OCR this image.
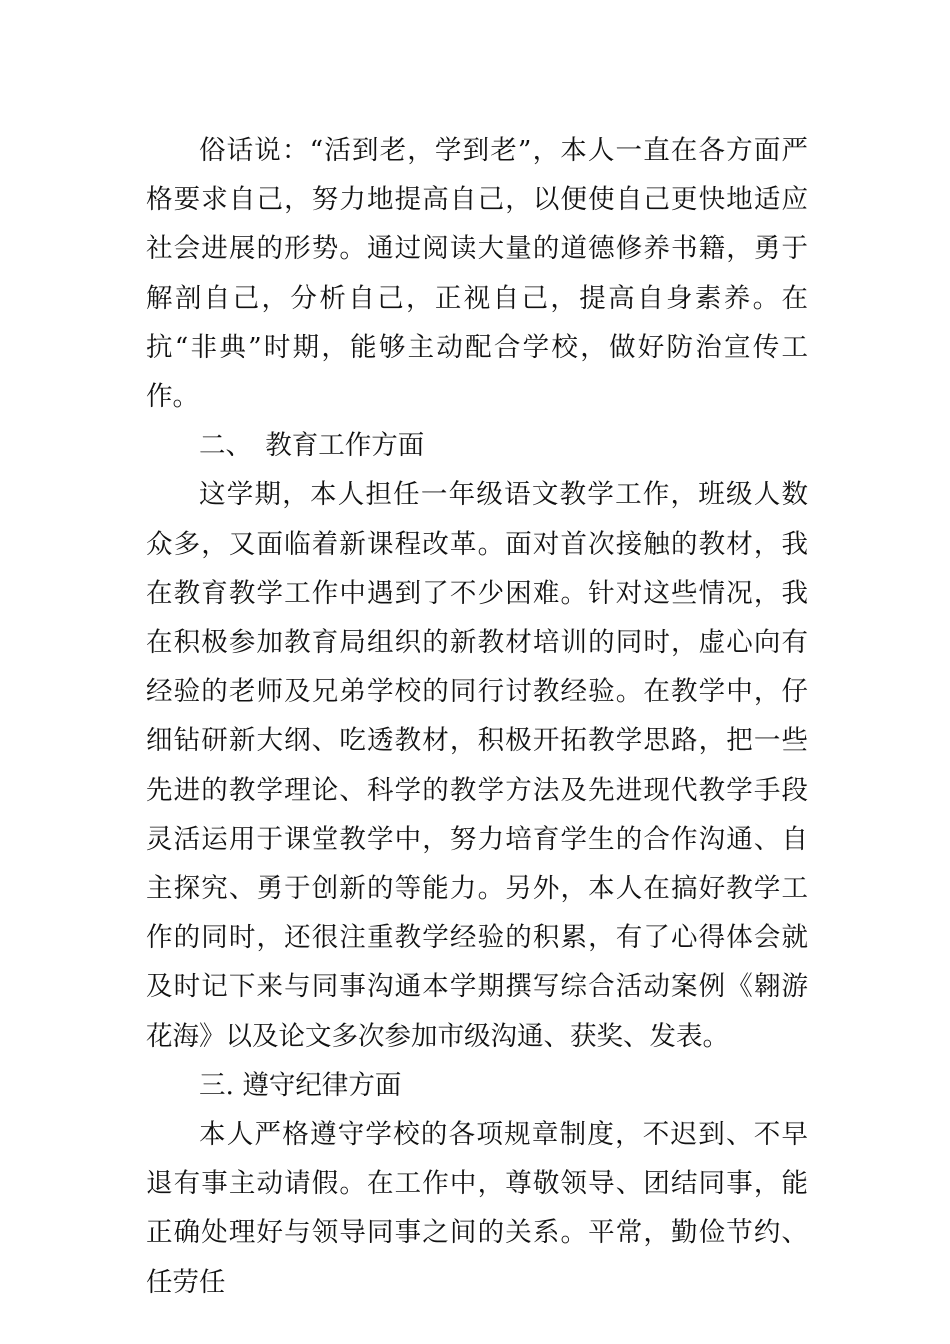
俗话说：“活到老，学到老”，本人一直在各方面严格要求自己，努力地提高自己，以便使自己更快地适应社会进展的形势。通过阅读大量的道德修养书籍，勇于解剖自己，分析自己，正视自己，提高自身素养。在抗“非典”时期，能够主动配合学校，做好防治宣传工作。

二、　教育工作方面

这学期，本人担任一年级语文教学工作，班级人数众多，又面临着新课程改革。面对首次接触的教材，我在教育教学工作中遇到了不少困难。针对这些情况，我在积极参加教育局组织的新教材培训的同时，虚心向有经验的老师及兄弟学校的同行讨教经验。在教学中，仔细钻研新大纲、吃透教材，积极开拓教学思路，把一些先进的教学理论、科学的教学方法及先进现代教学手段灵活运用于课堂教学中，努力培育学生的合作沟通、自主探究、勇于创新的等能力。另外，本人在搞好教学工作的同时，还很注重教学经验的积累，有了心得体会就及时记下来与同事沟通本学期撰写综合活动案例《翱游花海》以及论文多次参加市级沟通、获奖、发表。

三. 遵守纪律方面

本人严格遵守学校的各项规章制度，不迟到、不早退有事主动请假。在工作中，尊敬领导、团结同事，能正确处理好与领导同事之间的关系。平常，勤俭节约、任劳任
